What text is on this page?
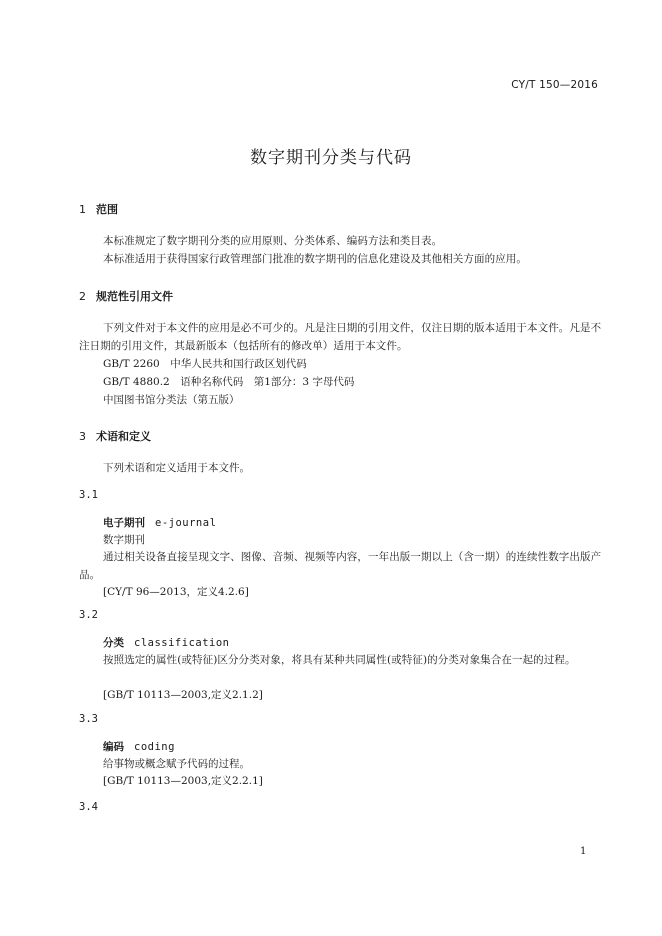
CY/T 150—2016
数字期刊分类与代码
1 范围
本标准规定了数字期刊分类的应用原则、分类体系、编码方法和类目表。
本标准适用于获得国家行政管理部门批准的数字期刊的信息化建设及其他相关方面的应用。
2 规范性引用文件
下列文件对于本文件的应用是必不可少的。凡是注日期的引用文件，仅注日期的版本适用于本文件。凡是不注日期的引用文件，其最新版本（包括所有的修改单）适用于本文件。
GB/T 2260　中华人民共和国行政区划代码
GB/T 4880.2　语种名称代码　第1部分：3 字母代码
中国图书馆分类法（第五版）
3 术语和定义
下列术语和定义适用于本文件。
3.1
电子期刊 e-journal
数字期刊
通过相关设备直接呈现文字、图像、音频、视频等内容，一年出版一期以上（含一期）的连续性数字出版产品。
[CY/T 96—2013，定义4.2.6]
3.2
分类 classification
按照选定的属性(或特征)区分分类对象，将具有某种共同属性(或特征)的分类对象集合在一起的过程。
[GB/T 10113—2003,定义2.1.2]
3.3
编码 coding
给事物或概念赋予代码的过程。
[GB/T 10113—2003,定义2.2.1]
3.4
1
